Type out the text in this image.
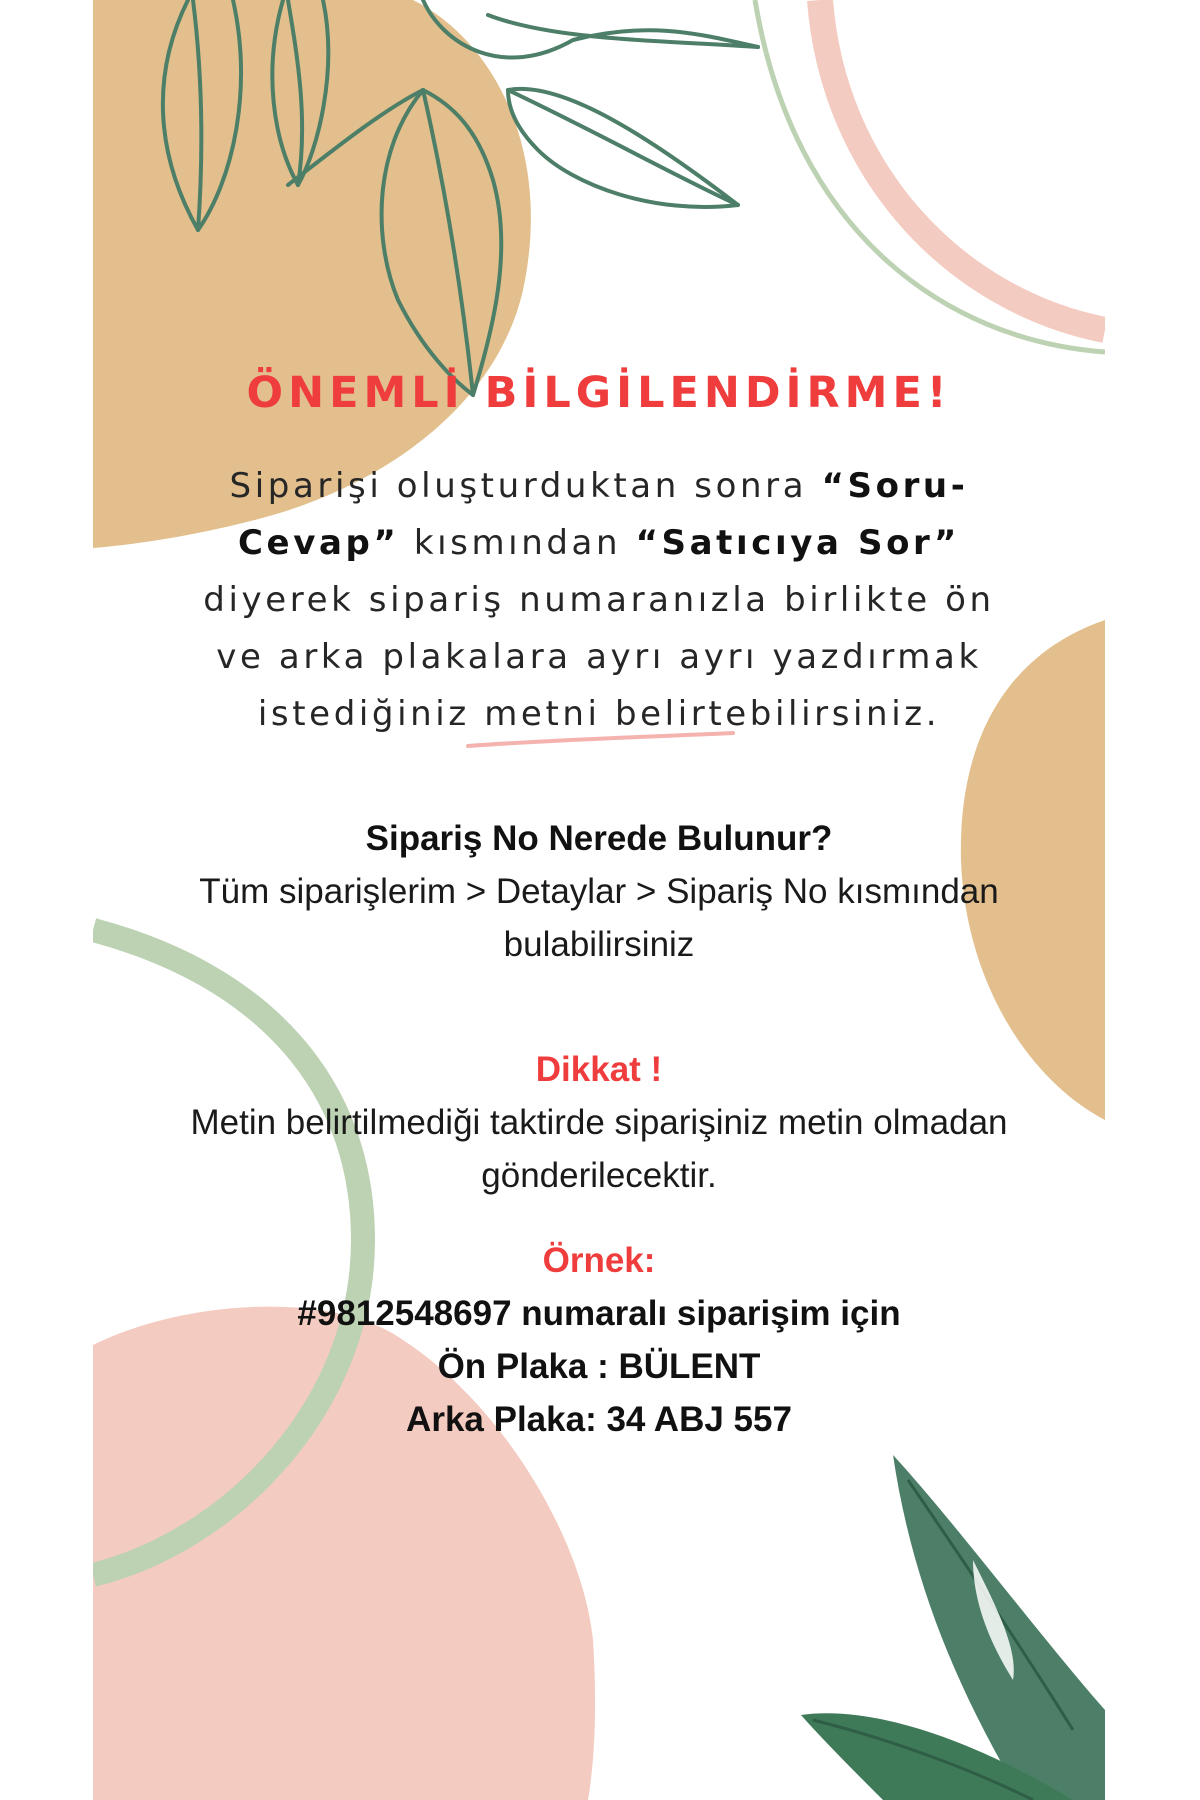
ÖNEMLİ BİLGİLENDİRME!

Siparişi oluşturduktan sonra “Soru-Cevap” kısmından “Satıcıya Sor” diyerek sipariş numaranızla birlikte ön ve arka plakalara ayrı ayrı yazdırmak istediğiniz metni belirtebilirsiniz.

Sipariş No Nerede Bulunur?
Tüm siparişlerim > Detaylar > Sipariş No kısmından bulabilirsiniz
Dikkat !
Metin belirtilmediği taktirde siparişiniz metin olmadan gönderilecektir.
Örnek:
#9812548697 numaralı siparişim için
Ön Plaka : BÜLENT
Arka Plaka: 34 ABJ 557
